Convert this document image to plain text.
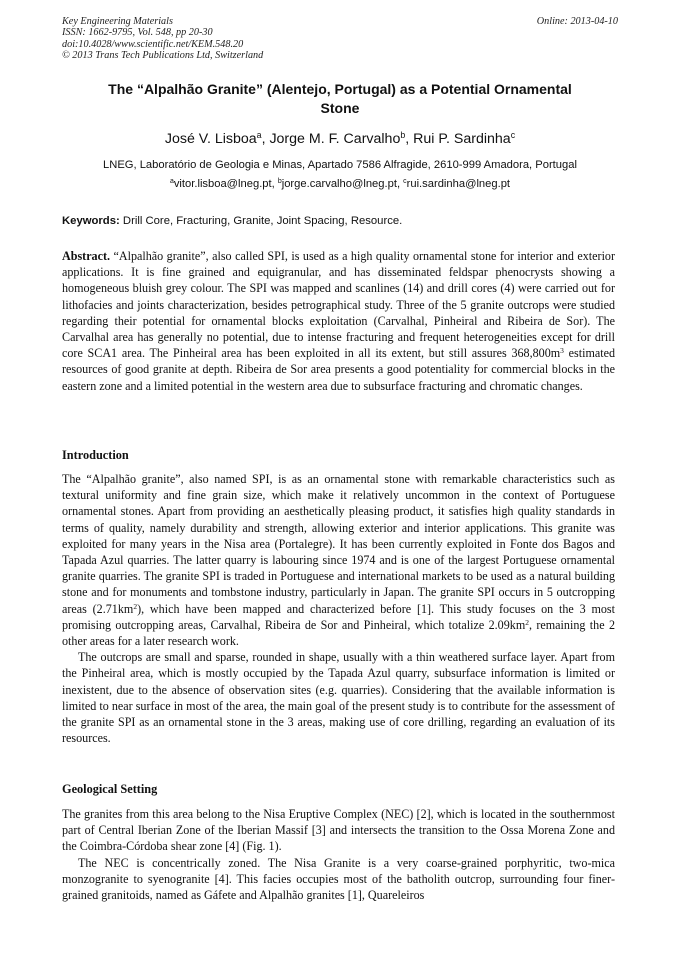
Key Engineering Materials
ISSN: 1662-9795, Vol. 548, pp 20-30
doi:10.4028/www.scientific.net/KEM.548.20
© 2013 Trans Tech Publications Ltd, Switzerland
Online: 2013-04-10
The “Alpalhão Granite” (Alentejo, Portugal) as a Potential Ornamental
Stone
José V. Lisboa$^a$, Jorge M. F. Carvalho$^b$, Rui P. Sardinha$^c$
LNEG, Laboratório de Geologia e Minas, Apartado 7586 Alfragide, 2610-999 Amadora, Portugal
$^a$vitor.lisboa@lneg.pt, $^b$jorge.carvalho@lneg.pt, $^c$rui.sardinha@lneg.pt
Keywords: Drill Core, Fracturing, Granite, Joint Spacing, Resource.

Abstract. “Alpalhão granite”, also called SPI, is used as a high quality ornamental stone for interior and exterior applications. It is fine grained and equigranular, and has disseminated feldspar phenocrysts showing a homogeneous bluish grey colour. The SPI was mapped and scanlines (14) and drill cores (4) were carried out for lithofacies and joints characterization, besides petrographical study. Three of the 5 granite outcrops were studied regarding their potential for ornamental blocks exploitation (Carvalhal, Pinheiral and Ribeira de Sor). The Carvalhal area has generally no potential, due to intense fracturing and frequent heterogeneities except for drill core SCA1 area. The Pinheiral area has been exploited in all its extent, but still assures $368,800m^3$ estimated resources of good granite at depth. Ribeira de Sor area presents a good potentiality for commercial blocks in the eastern zone and a limited potential in the western area due to subsurface fracturing and chromatic changes.

Introduction

The “Alpalhão granite”, also named SPI, is as an ornamental stone with remarkable characteristics such as textural uniformity and fine grain size, which make it relatively uncommon in the context of Portuguese ornamental stones. Apart from providing an aesthetically pleasing product, it satisfies high quality standards in terms of quality, namely durability and strength, allowing exterior and interior applications. This granite was exploited for many years in the Nisa area (Portalegre). It has been currently exploited in Fonte dos Bagos and Tapada Azul quarries. The latter quarry is labouring since 1974 and is one of the largest Portuguese ornamental granite quarries. The granite SPI is traded in Portuguese and international markets to be used as a natural building stone and for monuments and tombstone industry, particularly in Japan. The granite SPI occurs in 5 outcropping areas $(2.71km^2)$, which have been mapped and characterized before [1]. This study focuses on the 3 most promising outcropping areas, Carvalhal, Ribeira de Sor and Pinheiral, which totalize $2.09km^2$, remaining the 2 other areas for a later research work.

The outcrops are small and sparse, rounded in shape, usually with a thin weathered surface layer. Apart from the Pinheiral area, which is mostly occupied by the Tapada Azul quarry, subsurface information is limited or inexistent, due to the absence of observation sites (e.g. quarries). Considering that the available information is limited to near surface in most of the area, the main goal of the present study is to contribute for the assessment of the granite SPI as an ornamental stone in the 3 areas, making use of core drilling, regarding an evaluation of its resources.

Geological Setting

The granites from this area belong to the Nisa Eruptive Complex (NEC) [2], which is located in the southernmost part of Central Iberian Zone of the Iberian Massif [3] and intersects the transition to the Ossa Morena Zone and the Coimbra-Córdoba shear zone [4] (Fig. 1).

The NEC is concentrically zoned. The Nisa Granite is a very coarse-grained porphyritic, two-mica monzogranite to syenogranite [4]. This facies occupies most of the batholith outcrop, surrounding four finer-grained granitoids, named as Gáfete and Alpalhão granites [1], Quareleiros
